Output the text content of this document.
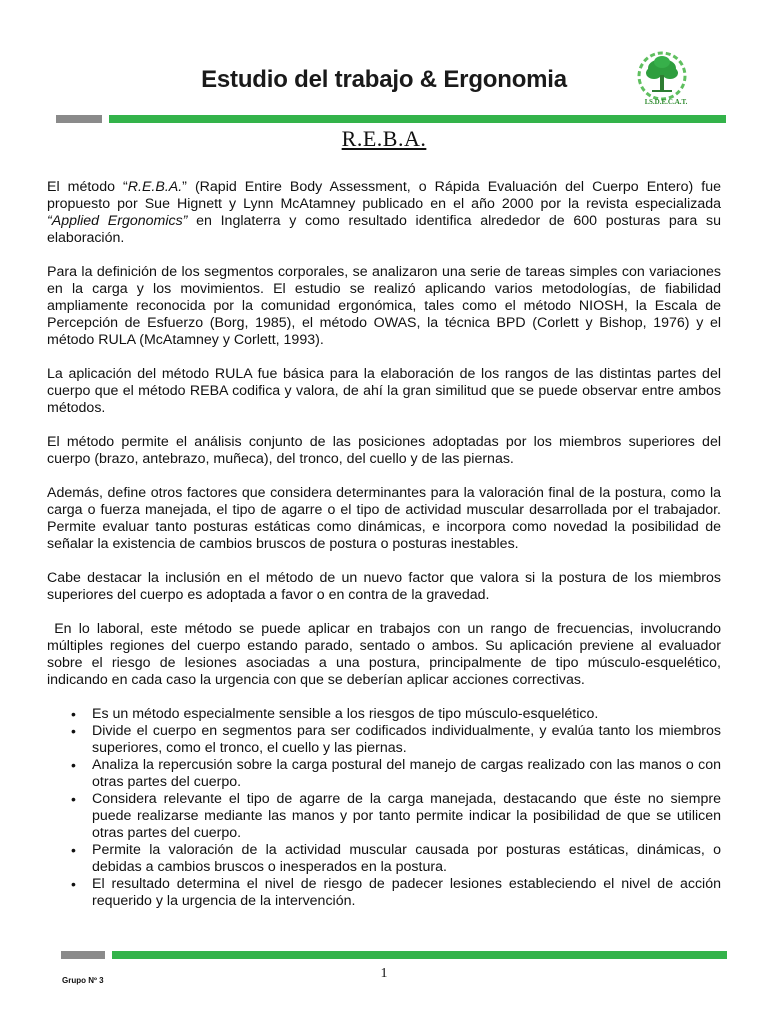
Estudio del trabajo & Ergonomia
I.S.D.E.C.A.T.
R.E.B.A.

El método “R.E.B.A.” (Rapid Entire Body Assessment, o Rápida Evaluación del Cuerpo Entero) fue propuesto por Sue Hignett y Lynn McAtamney publicado en el año 2000 por la revista especializada “Applied Ergonomics” en Inglaterra y como resultado identifica alrededor de 600 posturas para su elaboración.

Para la definición de los segmentos corporales, se analizaron una serie de tareas simples con variaciones en la carga y los movimientos. El estudio se realizó aplicando varios metodologías, de fiabilidad ampliamente reconocida por la comunidad ergonómica, tales como el método NIOSH, la Escala de Percepción de Esfuerzo (Borg, 1985), el método OWAS, la técnica BPD (Corlett y Bishop, 1976) y el método RULA (McAtamney y Corlett, 1993).

La aplicación del método RULA fue básica para la elaboración de los rangos de las distintas partes del cuerpo que el método REBA codifica y valora, de ahí la gran similitud que se puede observar entre ambos métodos.

El método permite el análisis conjunto de las posiciones adoptadas por los miembros superiores del cuerpo (brazo, antebrazo, muñeca), del tronco, del cuello y de las piernas.

Además, define otros factores que considera determinantes para la valoración final de la postura, como la carga o fuerza manejada, el tipo de agarre o el tipo de actividad muscular desarrollada por el trabajador. Permite evaluar tanto posturas estáticas como dinámicas, e incorpora como novedad la posibilidad de señalar la existencia de cambios bruscos de postura o posturas inestables.

Cabe destacar la inclusión en el método de un nuevo factor que valora si la postura de los miembros superiores del cuerpo es adoptada a favor o en contra de la gravedad.

En lo laboral, este método se puede aplicar en trabajos con un rango de frecuencias, involucrando múltiples regiones del cuerpo estando parado, sentado o ambos. Su aplicación previene al evaluador sobre el riesgo de lesiones asociadas a una postura, principalmente de tipo músculo-esquelético, indicando en cada caso la urgencia con que se deberían aplicar acciones correctivas.

• Es un método especialmente sensible a los riesgos de tipo músculo-esquelético.
• Divide el cuerpo en segmentos para ser codificados individualmente, y evalúa tanto los miembros superiores, como el tronco, el cuello y las piernas.
• Analiza la repercusión sobre la carga postural del manejo de cargas realizado con las manos o con otras partes del cuerpo.
• Considera relevante el tipo de agarre de la carga manejada, destacando que éste no siempre puede realizarse mediante las manos y por tanto permite indicar la posibilidad de que se utilicen otras partes del cuerpo.
• Permite la valoración de la actividad muscular causada por posturas estáticas, dinámicas, o debidas a cambios bruscos o inesperados en la postura.
• El resultado determina el nivel de riesgo de padecer lesiones estableciendo el nivel de acción requerido y la urgencia de la intervención.
1
Grupo Nº 3
